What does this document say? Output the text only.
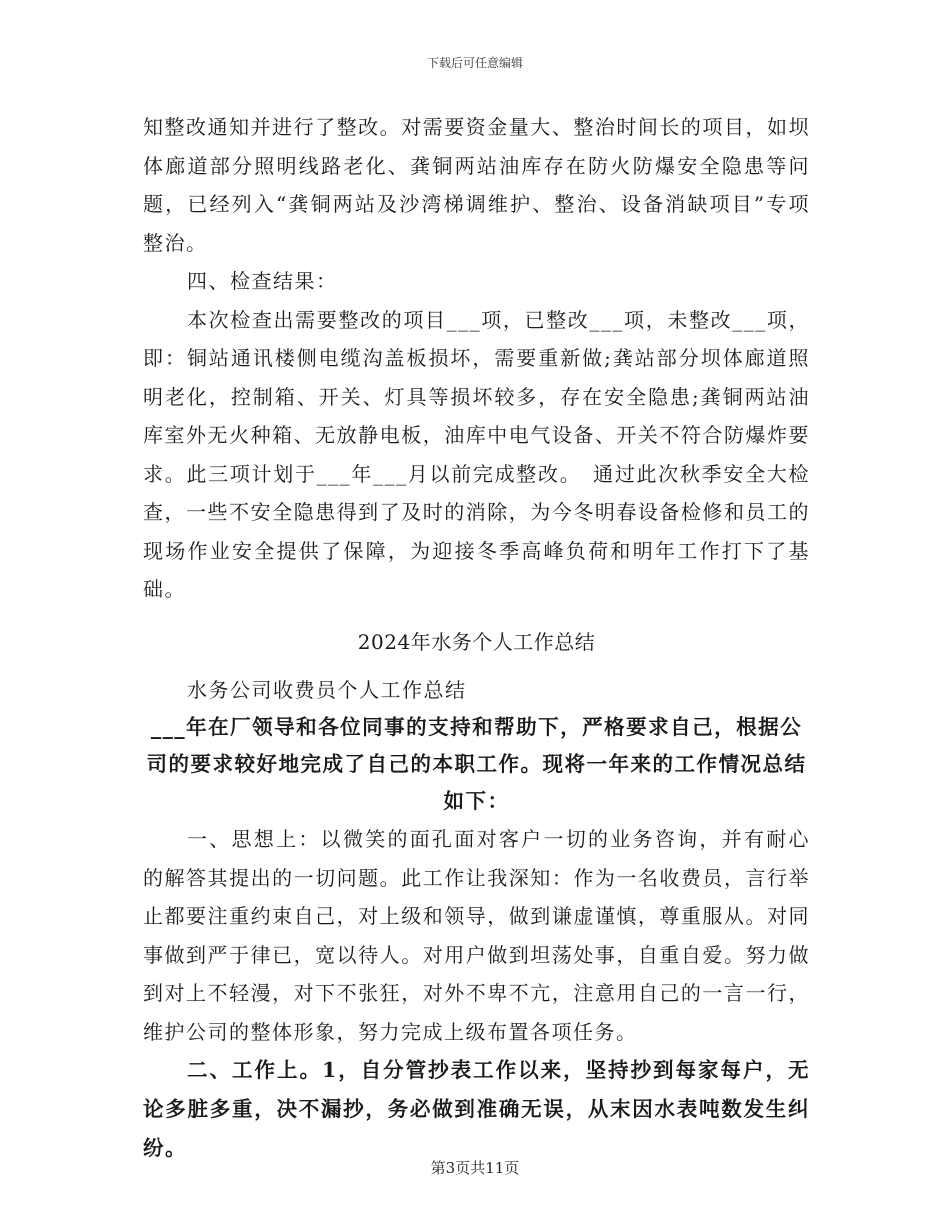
下载后可任意编辑

知整改通知并进行了整改。对需要资金量大、整治时间长的项目，如坝体廊道部分照明线路老化、龚铜两站油库存在防火防爆安全隐患等问题，已经列入“龚铜两站及沙湾梯调维护、整治、设备消缺项目”专项整治。

四、检查结果：

本次检查出需要整改的项目___项，已整改___项，未整改___项，即：铜站通讯楼侧电缆沟盖板损坏，需要重新做;龚站部分坝体廊道照明老化，控制箱、开关、灯具等损坏较多，存在安全隐患;龚铜两站油库室外无火种箱、无放静电板，油库中电气设备、开关不符合防爆炸要求。此三项计划于___年___月以前完成整改。　通过此次秋季安全大检查，一些不安全隐患得到了及时的消除，为今冬明春设备检修和员工的现场作业安全提供了保障，为迎接冬季高峰负荷和明年工作打下了基础。

2024年水务个人工作总结

水务公司收费员个人工作总结

___年在厂领导和各位同事的支持和帮助下，严格要求自己，根据公司的要求较好地完成了自己的本职工作。现将一年来的工作情况总结如下：

一、思想上：以微笑的面孔面对客户一切的业务咨询，并有耐心的解答其提出的一切问题。此工作让我深知：作为一名收费员，言行举止都要注重约束自己，对上级和领导，做到谦虚谨慎，尊重服从。对同事做到严于律已，宽以待人。对用户做到坦荡处事，自重自爱。努力做到对上不轻漫，对下不张狂，对外不卑不亢，注意用自己的一言一行，维护公司的整体形象，努力完成上级布置各项任务。

二、工作上。1，自分管抄表工作以来，坚持抄到每家每户，无论多脏多重，决不漏抄，务必做到准确无误，从末因水表吨数发生纠纷。

第3页共11页
